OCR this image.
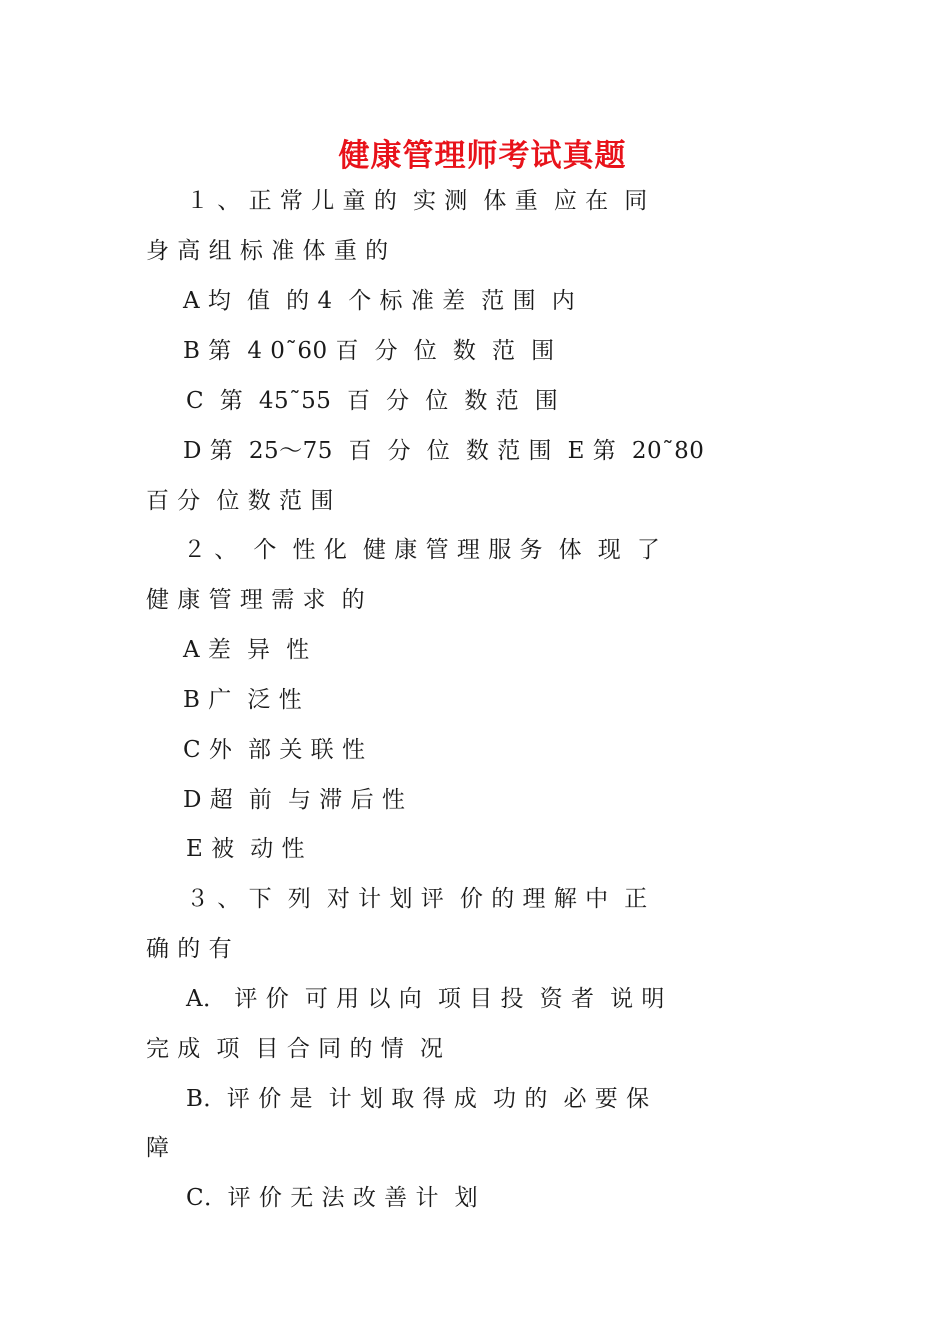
健康管理师考试真题
１ 、 正 常 儿 童 的  实 测  体 重  应 在  同
身 高 组 标 准 体 重 的
A 均  值  的 4  个 标 准 差  范 围  内
B 第  4 0˜60 百  分  位  数  范  围
C  第  45˜55  百  分  位  数 范  围
D 第  25～75  百  分  位  数 范 围  E 第  20˜80
百 分  位 数 范 围
２ 、  个  性 化  健 康 管 理 服 务  体  现  了
健 康 管 理 需 求  的
A 差  异  性
B 广  泛 性
C 外  部 关 联 性
D 超  前  与 滞 后 性
E 被  动 性
３ 、 下  列  对 计 划 评  价 的 理 解 中  正
确 的 有
A． 评 价  可 用 以 向  项 目 投  资 者  说 明
完 成  项  目 合 同 的 情  况
B．评 价 是  计 划 取 得 成  功 的  必 要 保
障
C．评 价 无 法 改 善 计  划
